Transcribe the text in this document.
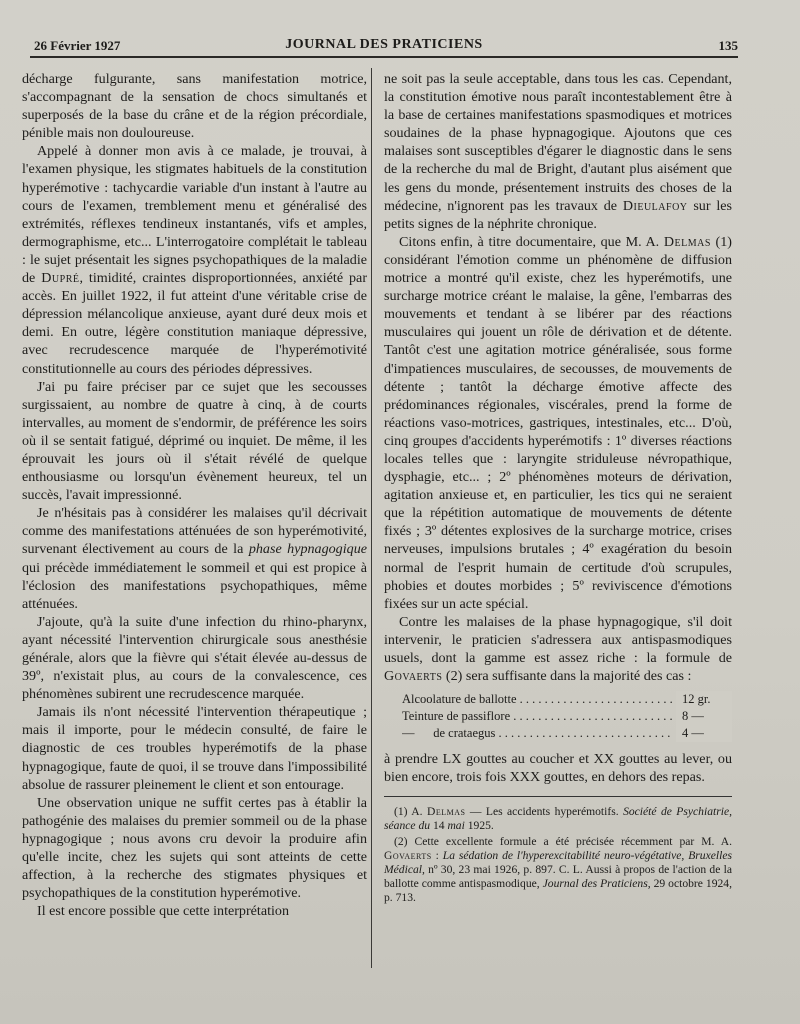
26 Février 1927	JOURNAL DES PRATICIENS	135

décharge fulgurante, sans manifestation motrice, s'accompagnant de la sensation de chocs simultanés et superposés de la base du crâne et de la région précordiale, pénible mais non douloureuse.

Appelé à donner mon avis à ce malade, je trouvai, à l'examen physique, les stigmates habituels de la constitution hyperémotive : tachycardie variable d'un instant à l'autre au cours de l'examen, tremblement menu et généralisé des extrémités, réflexes tendineux instantanés, vifs et amples, dermographisme, etc... L'interrogatoire complétait le tableau : le sujet présentait les signes psychopathiques de la maladie de Dupré, timidité, craintes disproportionnées, anxiété par accès. En juillet 1922, il fut atteint d'une véritable crise de dépression mélancolique anxieuse, ayant duré deux mois et demi. En outre, légère constitution maniaque dépressive, avec recrudescence marquée de l'hyperémotivité constitutionnelle au cours des périodes dépressives.

J'ai pu faire préciser par ce sujet que les secousses surgissaient, au nombre de quatre à cinq, à de courts intervalles, au moment de s'endormir, de préférence les soirs où il se sentait fatigué, déprimé ou inquiet. De même, il les éprouvait les jours où il s'était révélé de quelque enthousiasme ou lorsqu'un évènement heureux, tel un succès, l'avait impressionné.

Je n'hésitais pas à considérer les malaises qu'il décrivait comme des manifestations atténuées de son hyperémotivité, survenant électivement au cours de la phase hypnagogique qui précède immédiatement le sommeil et qui est propice à l'éclosion des manifestations psychopathiques, même atténuées.

J'ajoute, qu'à la suite d'une infection du rhino-pharynx, ayant nécessité l'intervention chirurgicale sous anesthésie générale, alors que la fièvre qui s'était élevée au-dessus de 39º, n'existait plus, au cours de la convalescence, ces phénomènes subirent une recrudescence marquée.

Jamais ils n'ont nécessité l'intervention thérapeutique ; mais il importe, pour le médecin consulté, de faire le diagnostic de ces troubles hyperémotifs de la phase hypnagogique, faute de quoi, il se trouve dans l'impossibilité absolue de rassurer pleinement le client et son entourage.

Une observation unique ne suffit certes pas à établir la pathogénie des malaises du premier sommeil ou de la phase hypnagogique ; nous avons cru devoir la produire afin qu'elle incite, chez les sujets qui sont atteints de cette affection, à la recherche des stigmates physiques et psychopathiques de la constitution hyperémotive.

Il est encore possible que cette interprétation

ne soit pas la seule acceptable, dans tous les cas. Cependant, la constitution émotive nous paraît incontestablement être à la base de certaines manifestations spasmodiques et motrices soudaines de la phase hypnagogique. Ajoutons que ces malaises sont susceptibles d'égarer le diagnostic dans le sens de la recherche du mal de Bright, d'autant plus aisément que les gens du monde, présentement instruits des choses de la médecine, n'ignorent pas les travaux de Dieulafoy sur les petits signes de la néphrite chronique.

Citons enfin, à titre documentaire, que M. A. Delmas (1) considérant l'émotion comme un phénomène de diffusion motrice a montré qu'il existe, chez les hyperémotifs, une surcharge motrice créant le malaise, la gêne, l'embarras des mouvements et tendant à se libérer par des réactions musculaires qui jouent un rôle de dérivation et de détente. Tantôt c'est une agitation motrice généralisée, sous forme d'impatiences musculaires, de secousses, de mouvements de détente ; tantôt la décharge émotive affecte des prédominances régionales, viscérales, prend la forme de réactions vaso-motrices, gastriques, intestinales, etc... D'où, cinq groupes d'accidents hyperémotifs : 1º diverses réactions locales telles que : laryngite striduleuse névropathique, dysphagie, etc... ; 2º phénomènes moteurs de dérivation, agitation anxieuse et, en particulier, les tics qui ne seraient que la répétition automatique de mouvements de détente fixés ; 3º détentes explosives de la surcharge motrice, crises nerveuses, impulsions brutales ; 4º exagération du besoin normal de l'esprit humain de certitude d'où scrupules, phobies et doutes morbides ; 5º reviviscence d'émotions fixées sur un acte spécial.

Contre les malaises de la phase hypnagogique, s'il doit intervenir, le praticien s'adressera aux antispasmodiques usuels, dont la gamme est assez riche : la formule de Govaerts (2) sera suffisante dans la majorité des cas :

Alcoolature de ballotte . . .	12 gr.
Teinture de passiflore . . .	8 —
—      de crataegus . . .	4 —

à prendre LX gouttes au coucher et XX gouttes au lever, ou bien encore, trois fois XXX gouttes, en dehors des repas.

(1) A. Delmas — Les accidents hyperémotifs. Société de Psychiatrie, séance du 14 mai 1925.

(2) Cette excellente formule a été précisée récemment par M. A. Govaerts : La sédation de l'hyperexcitabilité neuro-végétative, Bruxelles Médical, nº 30, 23 mai 1926, p. 897. C. L. Aussi à propos de l'action de la ballotte comme antispasmodique, Journal des Praticiens, 29 octobre 1924, p. 713.
